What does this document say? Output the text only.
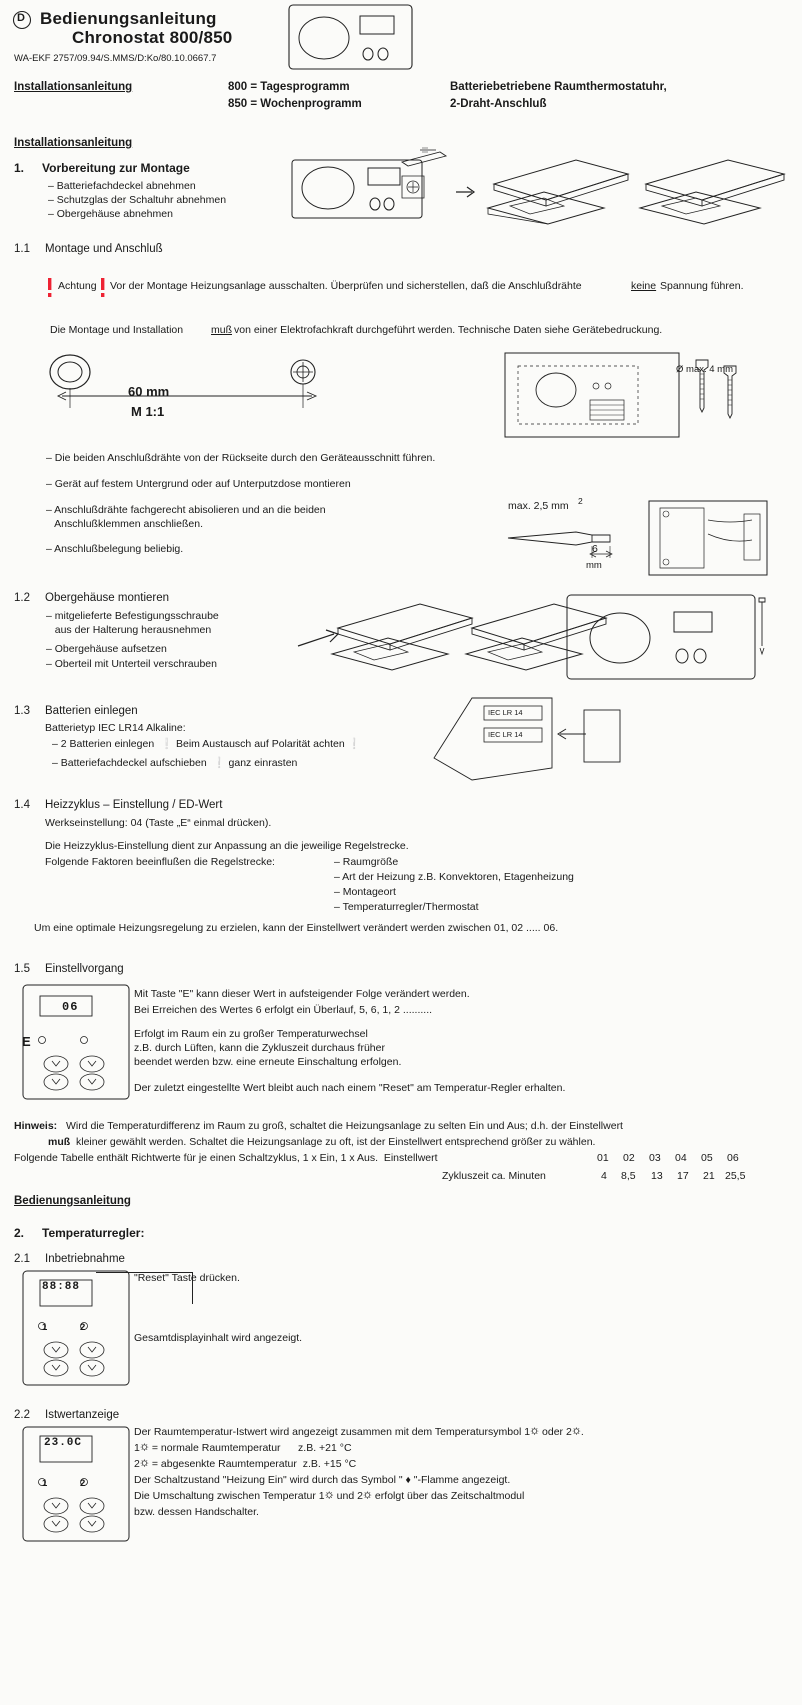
D Bedienungsanleitung
Chronostat 800/850
WA-EKF 2757/09.94/S.MMS/D:Ko/80.10.0667.7
Installationsanleitung	800 = Tagesprogramm
850 = Wochenprogramm
Batteriebetriebene Raumthermostatuhr,
2-Draht-Anschluß
Installationsanleitung
1. Vorbereitung zur Montage
– Batteriefachdeckel abnehmen
– Schutzglas der Schaltuhr abnehmen
– Obergehäuse abnehmen
1.1 Montage und Anschluß
Achtung Vor der Montage Heizungsanlage ausschalten. Überprüfen und sicherstellen, daß die Anschlußdrähte	keine Spannung führen.
Die Montage und Installation	muß von einer Elektrofachkraft durchgeführt werden. Technische Daten siehe Gerätebedruckung.
60 mm
M 1:1
Ø max. 4 mm
– Die beiden Anschlußdrähte von der Rückseite durch den Geräteausschnitt führen.
– Gerät auf festem Untergrund oder auf Unterputzdose montieren
– Anschlußdrähte fachgerecht abisolieren und an die beiden
Anschlußklemmen anschließen.
– Anschlußbelegung beliebig.
max. 2,5 mm 2
6
mm
1.2 Obergehäuse montieren
– mitgelieferte Befestigungsschraube
aus der Halterung herausnehmen
– Obergehäuse aufsetzen
– Oberteil mit Unterteil verschrauben
1.3 Batterien einlegen
Batterietyp IEC LR14 Alkaline:
– 2 Batterien einlegen  ❕ Beim Austausch auf Polarität achten ❕
– Batteriefachdeckel aufschieben  ❕ ganz einrasten
IEC LR 14
IEC LR 14
1.4 Heizzyklus – Einstellung / ED-Wert
Werkseinstellung: 04 (Taste „E“ einmal drücken).
Die Heizzyklus-Einstellung dient zur Anpassung an die jeweilige Regelstrecke.
Folgende Faktoren beeinflußen die Regelstrecke:	– Raumgröße
– Art der Heizung z.B. Konvektoren, Etagenheizung
– Montageort
– Temperaturregler/Thermostat
Um eine optimale Heizungsregelung zu erzielen, kann der Einstellwert verändert werden zwischen 01, 02 ..... 06.
1.5 Einstellvorgang
06
E
Mit Taste "E" kann dieser Wert in aufsteigender Folge verändert werden.
Bei Erreichen des Wertes 6 erfolgt ein Überlauf, 5, 6, 1, 2 ..........
Erfolgt im Raum ein zu großer Temperaturwechsel
z.B. durch Lüften, kann die Zykluszeit durchaus früher
beendet werden bzw. eine erneute Einschaltung erfolgen.
Der zuletzt eingestellte Wert bleibt auch nach einem "Reset" am Temperatur-Regler erhalten.
Hinweis: Wird die Temperaturdifferenz im Raum zu groß, schaltet die Heizungsanlage zu selten Ein und Aus; d.h. der Einstellwert
muß kleiner gewählt werden. Schaltet die Heizungsanlage zu oft, ist der Einstellwert entsprechend größer zu wählen.
Folgende Tabelle enthält Richtwerte für je einen Schaltzyklus, 1 x Ein, 1 x Aus.  Einstellwert	01 02 03 04 05 06
Zykluszeit ca. Minuten	4 8,5 13 17 21 25,5
Bedienungsanleitung
2. Temperaturregler:
2.1 Inbetriebnahme
88:88
1	2
"Reset" Taste drücken.
Gesamtdisplayinhalt wird angezeigt.
2.2 Istwertanzeige
23.0C
1	2
Der Raumtemperatur-Istwert wird angezeigt zusammen mit dem Temperatursymbol 1🌣 oder 2🌣.
1🌣 = normale Raumtemperatur      z.B. +21 °C
2🌣 = abgesenkte Raumtemperatur  z.B. +15 °C
Der Schaltzustand "Heizung Ein" wird durch das Symbol " ♦ "-Flamme angezeigt.
Die Umschaltung zwischen Temperatur 1🌣 und 2🌣 erfolgt über das Zeitschaltmodul
bzw. dessen Handschalter.
